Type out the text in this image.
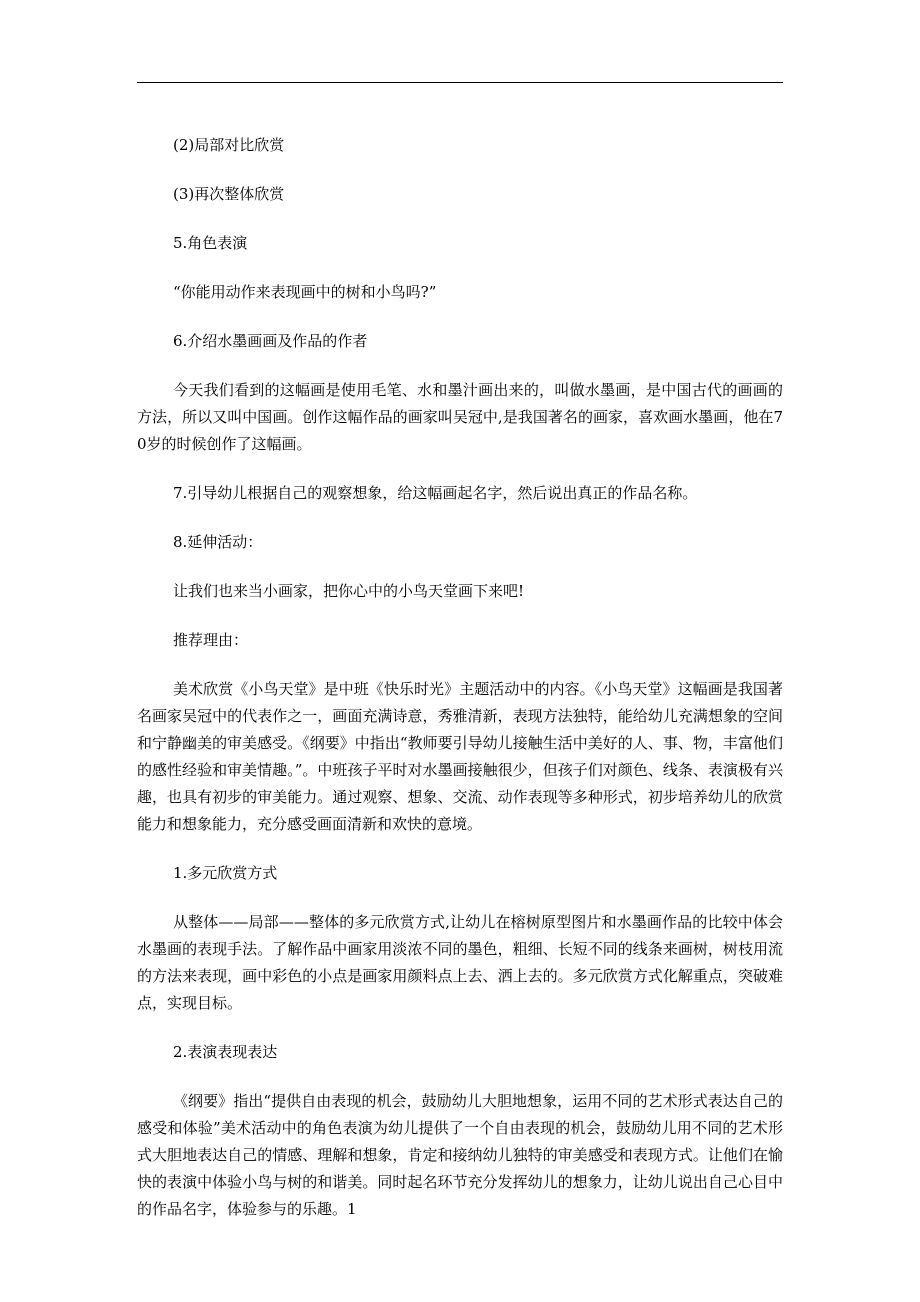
(2)局部对比欣赏

(3)再次整体欣赏

5.角色表演

“你能用动作来表现画中的树和小鸟吗?”

6.介绍水墨画画及作品的作者

今天我们看到的这幅画是使用毛笔、水和墨汁画出来的，叫做水墨画，是中国古代的画画的方法，所以又叫中国画。创作这幅作品的画家叫吴冠中,是我国著名的画家，喜欢画水墨画，他在70岁的时候创作了这幅画。

7.引导幼儿根据自己的观察想象，给这幅画起名字，然后说出真正的作品名称。

8.延伸活动：

让我们也来当小画家，把你心中的小鸟天堂画下来吧!

推荐理由：

美术欣赏《小鸟天堂》是中班《快乐时光》主题活动中的内容。《小鸟天堂》这幅画是我国著名画家吴冠中的代表作之一，画面充满诗意，秀雅清新，表现方法独特，能给幼儿充满想象的空间和宁静幽美的审美感受。《纲要》中指出“教师要引导幼儿接触生活中美好的人、事、物，丰富他们的感性经验和审美情趣。”。中班孩子平时对水墨画接触很少，但孩子们对颜色、线条、表演极有兴趣，也具有初步的审美能力。通过观察、想象、交流、动作表现等多种形式，初步培养幼儿的欣赏能力和想象能力，充分感受画面清新和欢快的意境。

1.多元欣赏方式

从整体——局部——整体的多元欣赏方式,让幼儿在榕树原型图片和水墨画作品的比较中体会水墨画的表现手法。了解作品中画家用淡浓不同的墨色，粗细、长短不同的线条来画树，树枝用流的方法来表现，画中彩色的小点是画家用颜料点上去、洒上去的。多元欣赏方式化解重点，突破难点，实现目标。

2.表演表现表达

《纲要》指出“提供自由表现的机会，鼓励幼儿大胆地想象，运用不同的艺术形式表达自己的感受和体验”美术活动中的角色表演为幼儿提供了一个自由表现的机会，鼓励幼儿用不同的艺术形式大胆地表达自己的情感、理解和想象，肯定和接纳幼儿独特的审美感受和表现方式。让他们在愉快的表演中体验小鸟与树的和谐美。同时起名环节充分发挥幼儿的想象力，让幼儿说出自己心目中的作品名字，体验参与的乐趣。1
